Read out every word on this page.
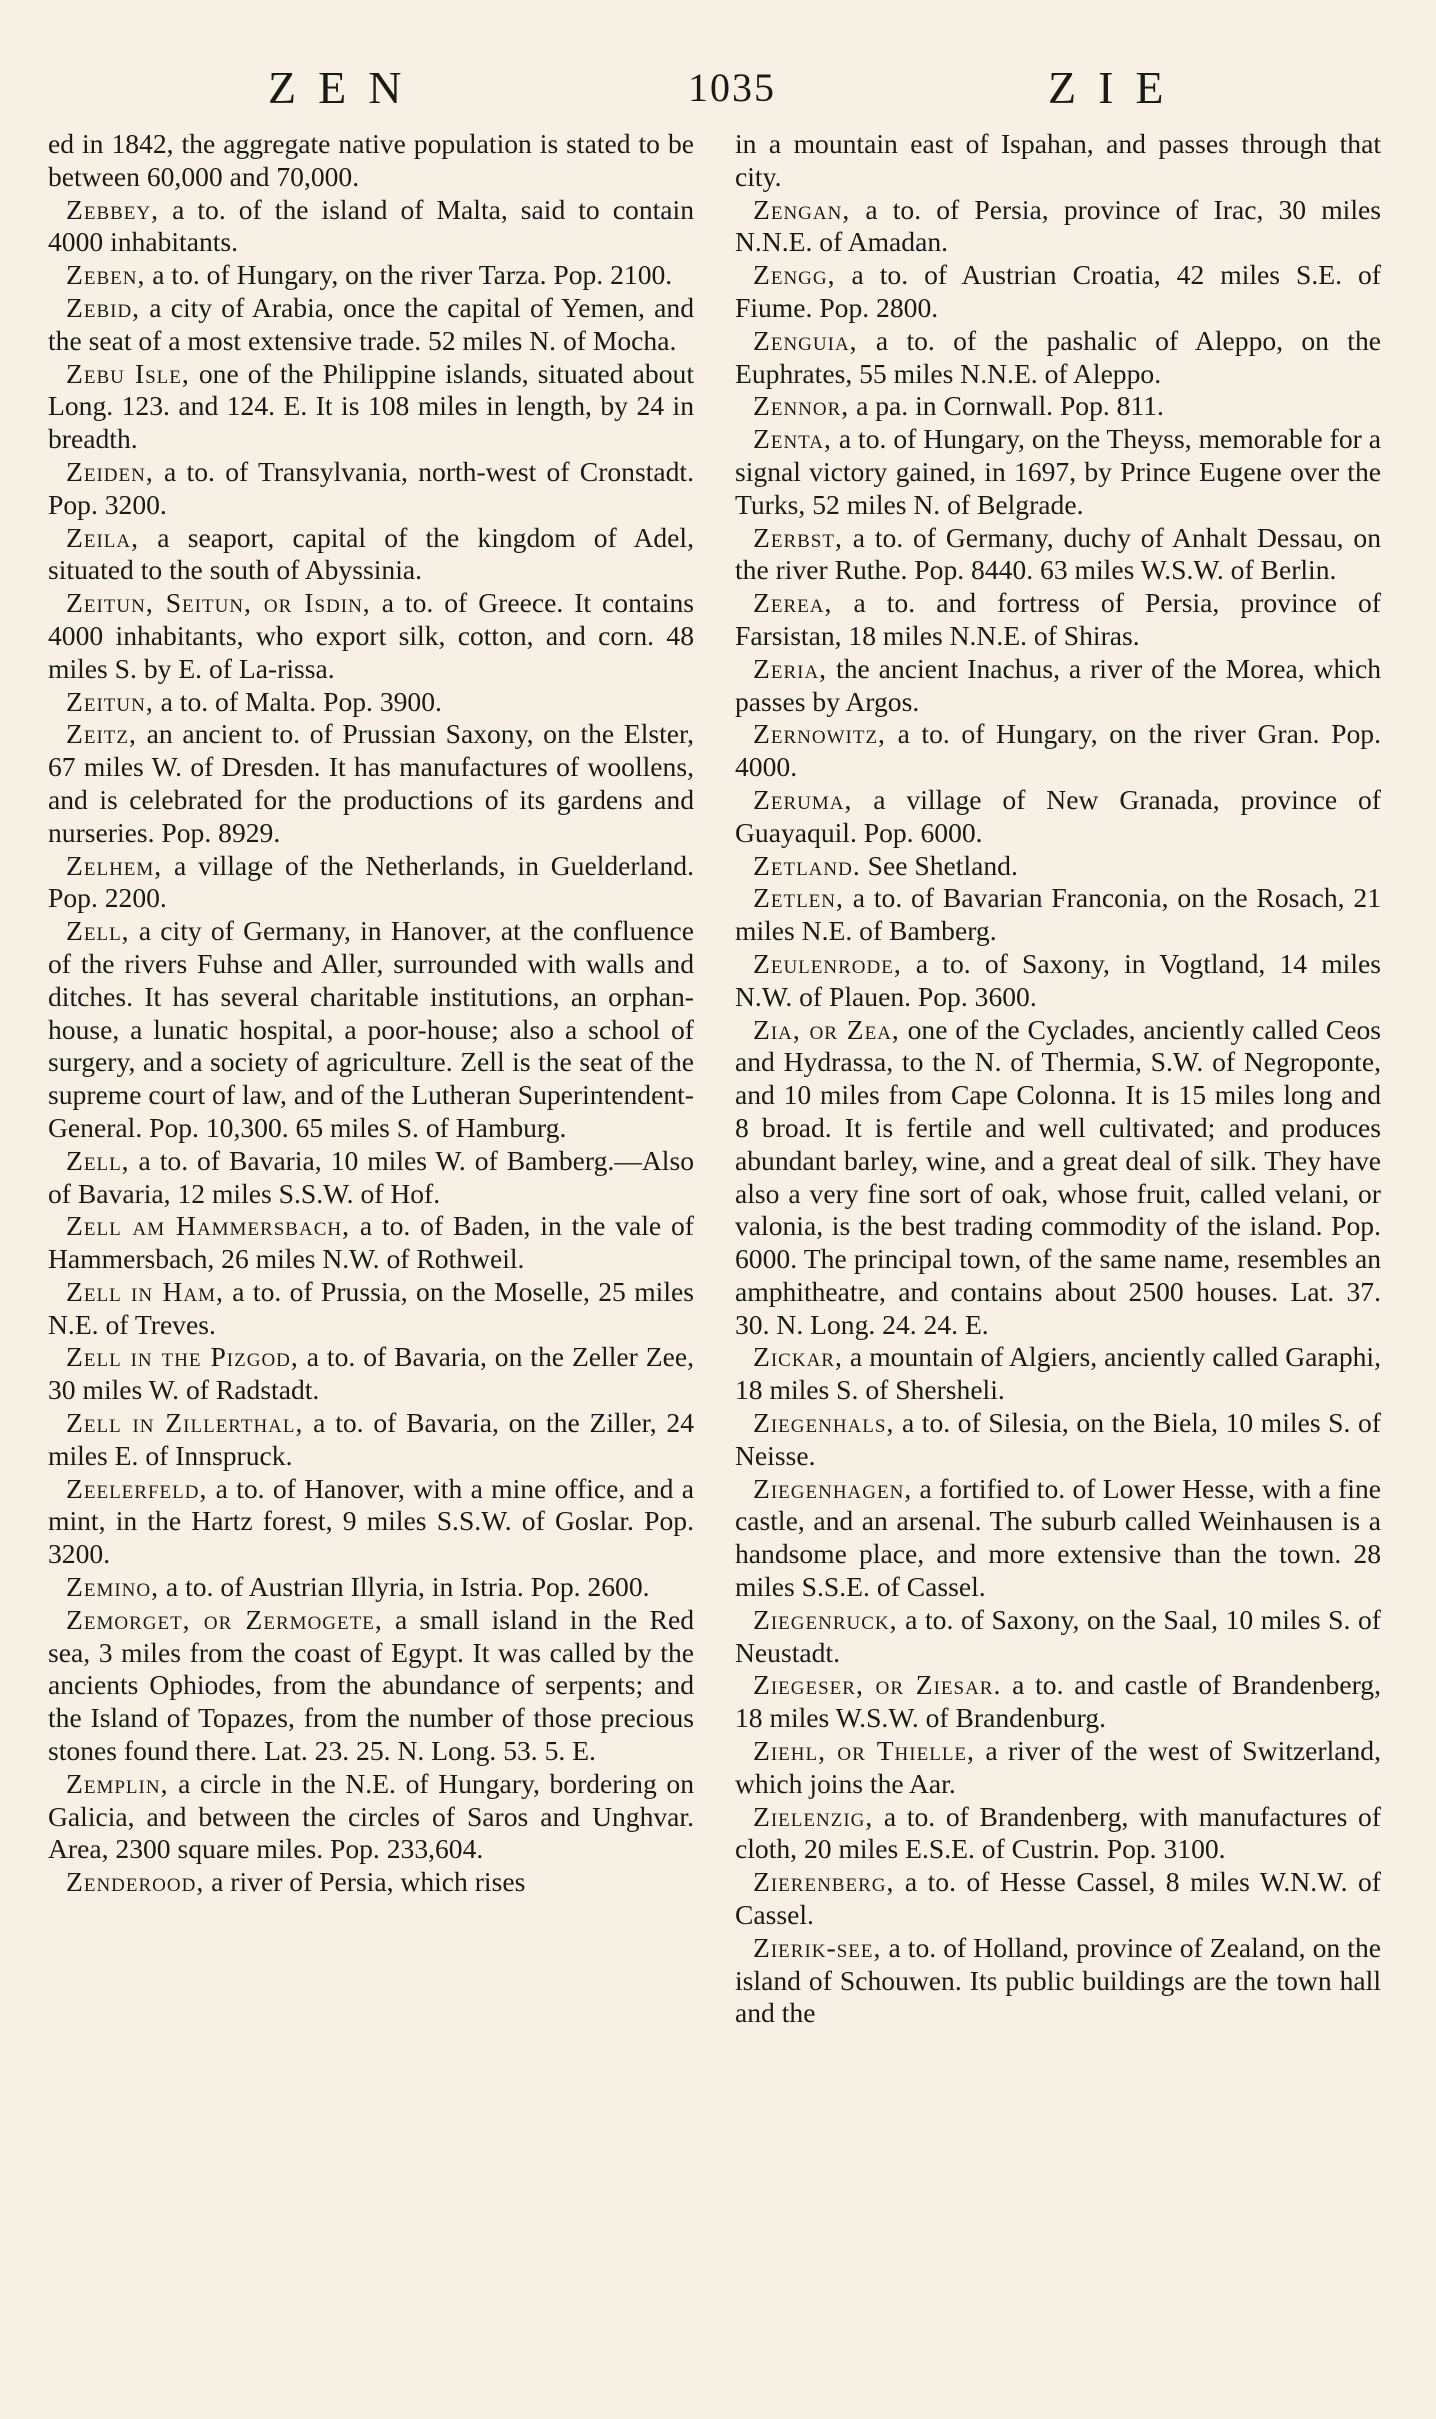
ZEN	1035	ZIE

ed in 1842, the aggregate native population is stated to be between 60,000 and 70,000.

Zebbey, a to. of the island of Malta, said to contain 4000 inhabitants.

Zeben, a to. of Hungary, on the river Tarza. Pop. 2100.

Zebid, a city of Arabia, once the capital of Yemen, and the seat of a most extensive trade. 52 miles N. of Mocha.

Zebu Isle, one of the Philippine islands, situated about Long. 123. and 124. E. It is 108 miles in length, by 24 in breadth.

Zeiden, a to. of Transylvania, north-west of Cronstadt. Pop. 3200.

Zeila, a seaport, capital of the kingdom of Adel, situated to the south of Abyssinia.

Zeitun, Seitun, or Isdin, a to. of Greece. It contains 4000 inhabitants, who export silk, cotton, and corn. 48 miles S. by E. of La-rissa.

Zeitun, a to. of Malta. Pop. 3900.

Zeitz, an ancient to. of Prussian Saxony, on the Elster, 67 miles W. of Dresden. It has manufactures of woollens, and is celebrated for the productions of its gardens and nurseries. Pop. 8929.

Zelhem, a village of the Netherlands, in Guelderland. Pop. 2200.

Zell, a city of Germany, in Hanover, at the confluence of the rivers Fuhse and Aller, surrounded with walls and ditches. It has several charitable institutions, an orphan-house, a lunatic hospital, a poor-house; also a school of surgery, and a society of agriculture. Zell is the seat of the supreme court of law, and of the Lutheran Superintendent-General. Pop. 10,300. 65 miles S. of Hamburg.

Zell, a to. of Bavaria, 10 miles W. of Bamberg.—Also of Bavaria, 12 miles S.S.W. of Hof.

Zell am Hammersbach, a to. of Baden, in the vale of Hammersbach, 26 miles N.W. of Rothweil.

Zell in Ham, a to. of Prussia, on the Moselle, 25 miles N.E. of Treves.

Zell in the Pizgod, a to. of Bavaria, on the Zeller Zee, 30 miles W. of Radstadt.

Zell in Zillerthal, a to. of Bavaria, on the Ziller, 24 miles E. of Innspruck.

Zeelerfeld, a to. of Hanover, with a mine office, and a mint, in the Hartz forest, 9 miles S.S.W. of Goslar. Pop. 3200.

Zemino, a to. of Austrian Illyria, in Istria. Pop. 2600.

Zemorget, or Zermogete, a small island in the Red sea, 3 miles from the coast of Egypt. It was called by the ancients Ophiodes, from the abundance of serpents; and the Island of Topazes, from the number of those precious stones found there. Lat. 23. 25. N. Long. 53. 5. E.

Zemplin, a circle in the N.E. of Hungary, bordering on Galicia, and between the circles of Saros and Unghvar. Area, 2300 square miles. Pop. 233,604.

Zenderood, a river of Persia, which rises

in a mountain east of Ispahan, and passes through that city.

Zengan, a to. of Persia, province of Irac, 30 miles N.N.E. of Amadan.

Zengg, a to. of Austrian Croatia, 42 miles S.E. of Fiume. Pop. 2800.

Zenguia, a to. of the pashalic of Aleppo, on the Euphrates, 55 miles N.N.E. of Aleppo.

Zennor, a pa. in Cornwall. Pop. 811.

Zenta, a to. of Hungary, on the Theyss, memorable for a signal victory gained, in 1697, by Prince Eugene over the Turks, 52 miles N. of Belgrade.

Zerbst, a to. of Germany, duchy of Anhalt Dessau, on the river Ruthe. Pop. 8440. 63 miles W.S.W. of Berlin.

Zerea, a to. and fortress of Persia, province of Farsistan, 18 miles N.N.E. of Shiras.

Zeria, the ancient Inachus, a river of the Morea, which passes by Argos.

Zernowitz, a to. of Hungary, on the river Gran. Pop. 4000.

Zeruma, a village of New Granada, province of Guayaquil. Pop. 6000.

Zetland. See Shetland.

Zetlen, a to. of Bavarian Franconia, on the Rosach, 21 miles N.E. of Bamberg.

Zeulenrode, a to. of Saxony, in Vogtland, 14 miles N.W. of Plauen. Pop. 3600.

Zia, or Zea, one of the Cyclades, anciently called Ceos and Hydrassa, to the N. of Thermia, S.W. of Negroponte, and 10 miles from Cape Colonna. It is 15 miles long and 8 broad. It is fertile and well cultivated; and produces abundant barley, wine, and a great deal of silk. They have also a very fine sort of oak, whose fruit, called velani, or valonia, is the best trading commodity of the island. Pop. 6000. The principal town, of the same name, resembles an amphitheatre, and contains about 2500 houses. Lat. 37. 30. N. Long. 24. 24. E.

Zickar, a mountain of Algiers, anciently called Garaphi, 18 miles S. of Shersheli.

Ziegenhals, a to. of Silesia, on the Biela, 10 miles S. of Neisse.

Ziegenhagen, a fortified to. of Lower Hesse, with a fine castle, and an arsenal. The suburb called Weinhausen is a handsome place, and more extensive than the town. 28 miles S.S.E. of Cassel.

Ziegenruck, a to. of Saxony, on the Saal, 10 miles S. of Neustadt.

Ziegeser, or Ziesar. a to. and castle of Brandenberg, 18 miles W.S.W. of Brandenburg.

Ziehl, or Thielle, a river of the west of Switzerland, which joins the Aar.

Zielenzig, a to. of Brandenberg, with manufactures of cloth, 20 miles E.S.E. of Custrin. Pop. 3100.

Zierenberg, a to. of Hesse Cassel, 8 miles W.N.W. of Cassel.

Zierik-see, a to. of Holland, province of Zealand, on the island of Schouwen. Its public buildings are the town hall and the
